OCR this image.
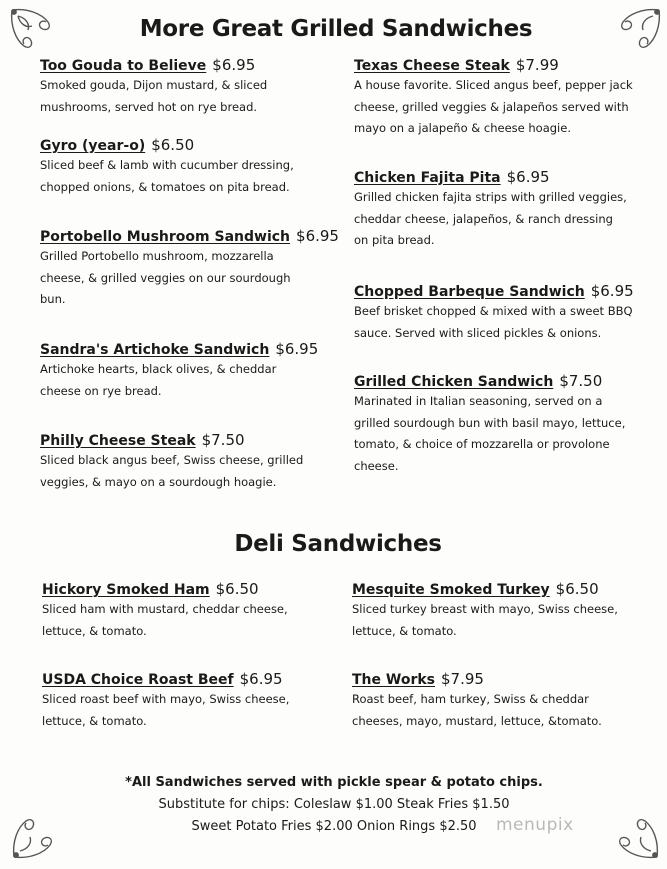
More Great Grilled Sandwiches
Too Gouda to Believe $6.95
Smoked gouda, Dijon mustard, & sliced
mushrooms, served hot on rye bread.
Gyro (year-o) $6.50
Sliced beef & lamb with cucumber dressing,
chopped onions, & tomatoes on pita bread.
Portobello Mushroom Sandwich $6.95
Grilled Portobello mushroom, mozzarella
cheese, & grilled veggies on our sourdough
bun.
Sandra's Artichoke Sandwich $6.95
Artichoke hearts, black olives, & cheddar
cheese on rye bread.
Philly Cheese Steak $7.50
Sliced black angus beef, Swiss cheese, grilled
veggies, & mayo on a sourdough hoagie.
Texas Cheese Steak $7.99
A house favorite. Sliced angus beef, pepper jack
cheese, grilled veggies & jalapeños served with
mayo on a jalapeño & cheese hoagie.
Chicken Fajita Pita $6.95
Grilled chicken fajita strips with grilled veggies,
cheddar cheese, jalapeños, & ranch dressing
on pita bread.
Chopped Barbeque Sandwich $6.95
Beef brisket chopped & mixed with a sweet BBQ
sauce. Served with sliced pickles & onions.
Grilled Chicken Sandwich $7.50
Marinated in Italian seasoning, served on a
grilled sourdough bun with basil mayo, lettuce,
tomato, & choice of mozzarella or provolone
cheese.
Deli Sandwiches
Hickory Smoked Ham $6.50
Sliced ham with mustard, cheddar cheese,
lettuce, & tomato.
USDA Choice Roast Beef $6.95
Sliced roast beef with mayo, Swiss cheese,
lettuce, & tomato.
Mesquite Smoked Turkey $6.50
Sliced turkey breast with mayo, Swiss cheese,
lettuce, & tomato.
The Works $7.95
Roast beef, ham turkey, Swiss & cheddar
cheeses, mayo, mustard, lettuce, &tomato.
*All Sandwiches served with pickle spear & potato chips.
Substitute for chips: Coleslaw $1.00 Steak Fries $1.50
Sweet Potato Fries $2.00 Onion Rings $2.50	menupix
